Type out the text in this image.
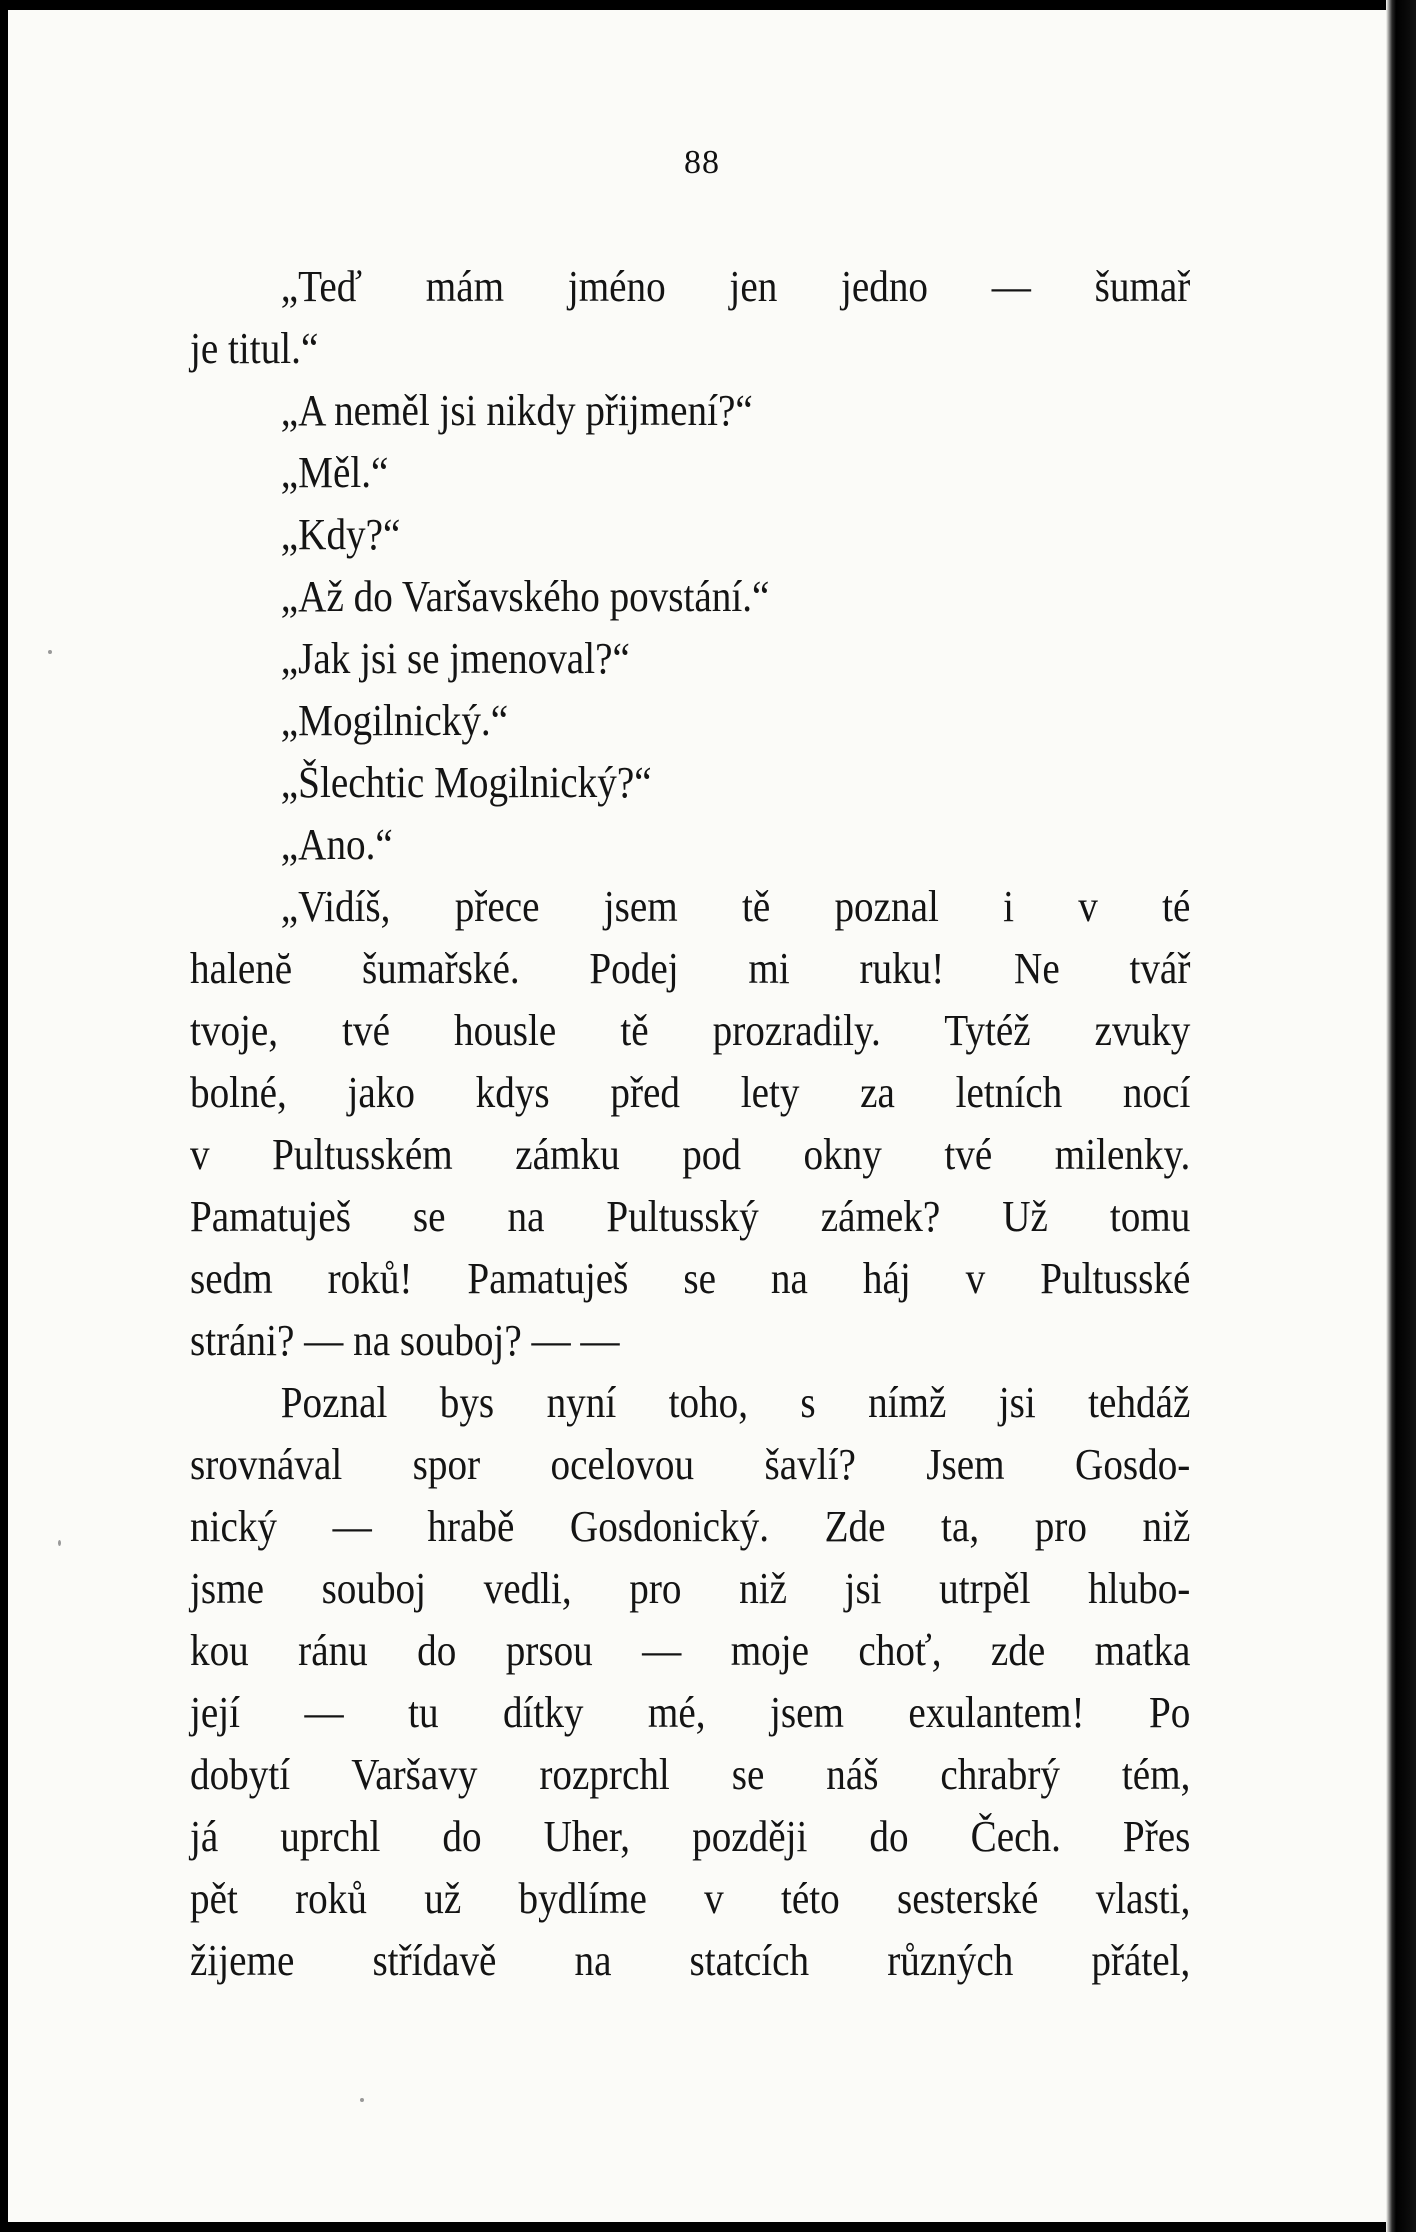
88
„Teď mám jméno jen jedno — šumař
je titul.“
„A neměl jsi nikdy přijmení?“
„Měl.“
„Kdy?“
„Až do Varšavského povstání.“
„Jak jsi se jmenoval?“
„Mogilnický.“
„Šlechtic Mogilnický?“
„Ano.“
„Vidíš, přece jsem tě poznal i v té
halenĕ šumařské. Podej mi ruku! Ne tvář
tvoje, tvé housle tě prozradily. Tytéž zvuky
bolné, jako kdys před lety za letních nocí
v Pultusském zámku pod okny tvé milenky.
Pamatuješ se na Pultusský zámek? Už tomu
sedm roků! Pamatuješ se na háj v Pultusské
stráni? — na souboj? — —
Poznal bys nyní toho, s nímž jsi tehdáž
srovnával spor ocelovou šavlí? Jsem Gosdo-
nický — hrabě Gosdonický. Zde ta, pro niž
jsme souboj vedli, pro niž jsi utrpěl hlubo-
kou ránu do prsou — moje choť, zde matka
její — tu dítky mé, jsem exulantem! Po
dobytí Varšavy rozprchl se náš chrabrý tém,
já uprchl do Uher, později do Čech. Přes
pět roků už bydlíme v této sesterské vlasti,
žijeme střídavě na statcích různých přátel,
